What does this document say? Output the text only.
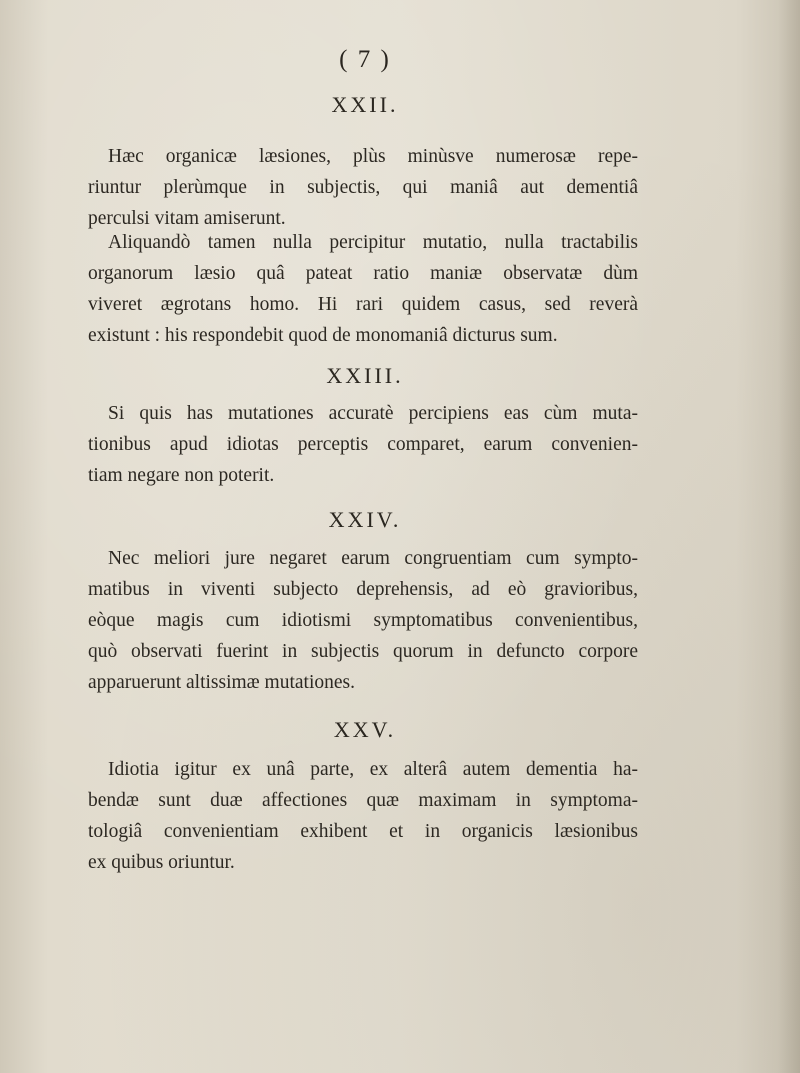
( 7 )
XXII.

Hæc organicæ læsiones, plùs minùsve numerosæ repe-
riuntur plerùmque in subjectis, qui maniâ aut dementiâ
perculsi vitam amiserunt.

Aliquandò tamen nulla percipitur mutatio, nulla tractabilis
organorum læsio quâ pateat ratio maniæ observatæ dùm
viveret ægrotans homo. Hi rari quidem casus, sed reverà
existunt : his respondebit quod de monomaniâ dicturus sum.

XXIII.

Si quis has mutationes accuratè percipiens eas cùm muta-
tionibus apud idiotas perceptis comparet, earum convenien-
tiam negare non poterit.

XXIV.

Nec meliori jure negaret earum congruentiam cum sympto-
matibus in viventi subjecto deprehensis, ad eò gravioribus,
eòque magis cum idiotismi symptomatibus convenientibus,
quò observati fuerint in subjectis quorum in defuncto corpore
apparuerunt altissimæ mutationes.

XXV.

Idiotia igitur ex unâ parte, ex alterâ autem dementia ha-
bendæ sunt duæ affectiones quæ maximam in symptoma-
tologiâ convenientiam exhibent et in organicis læsionibus
ex quibus oriuntur.
